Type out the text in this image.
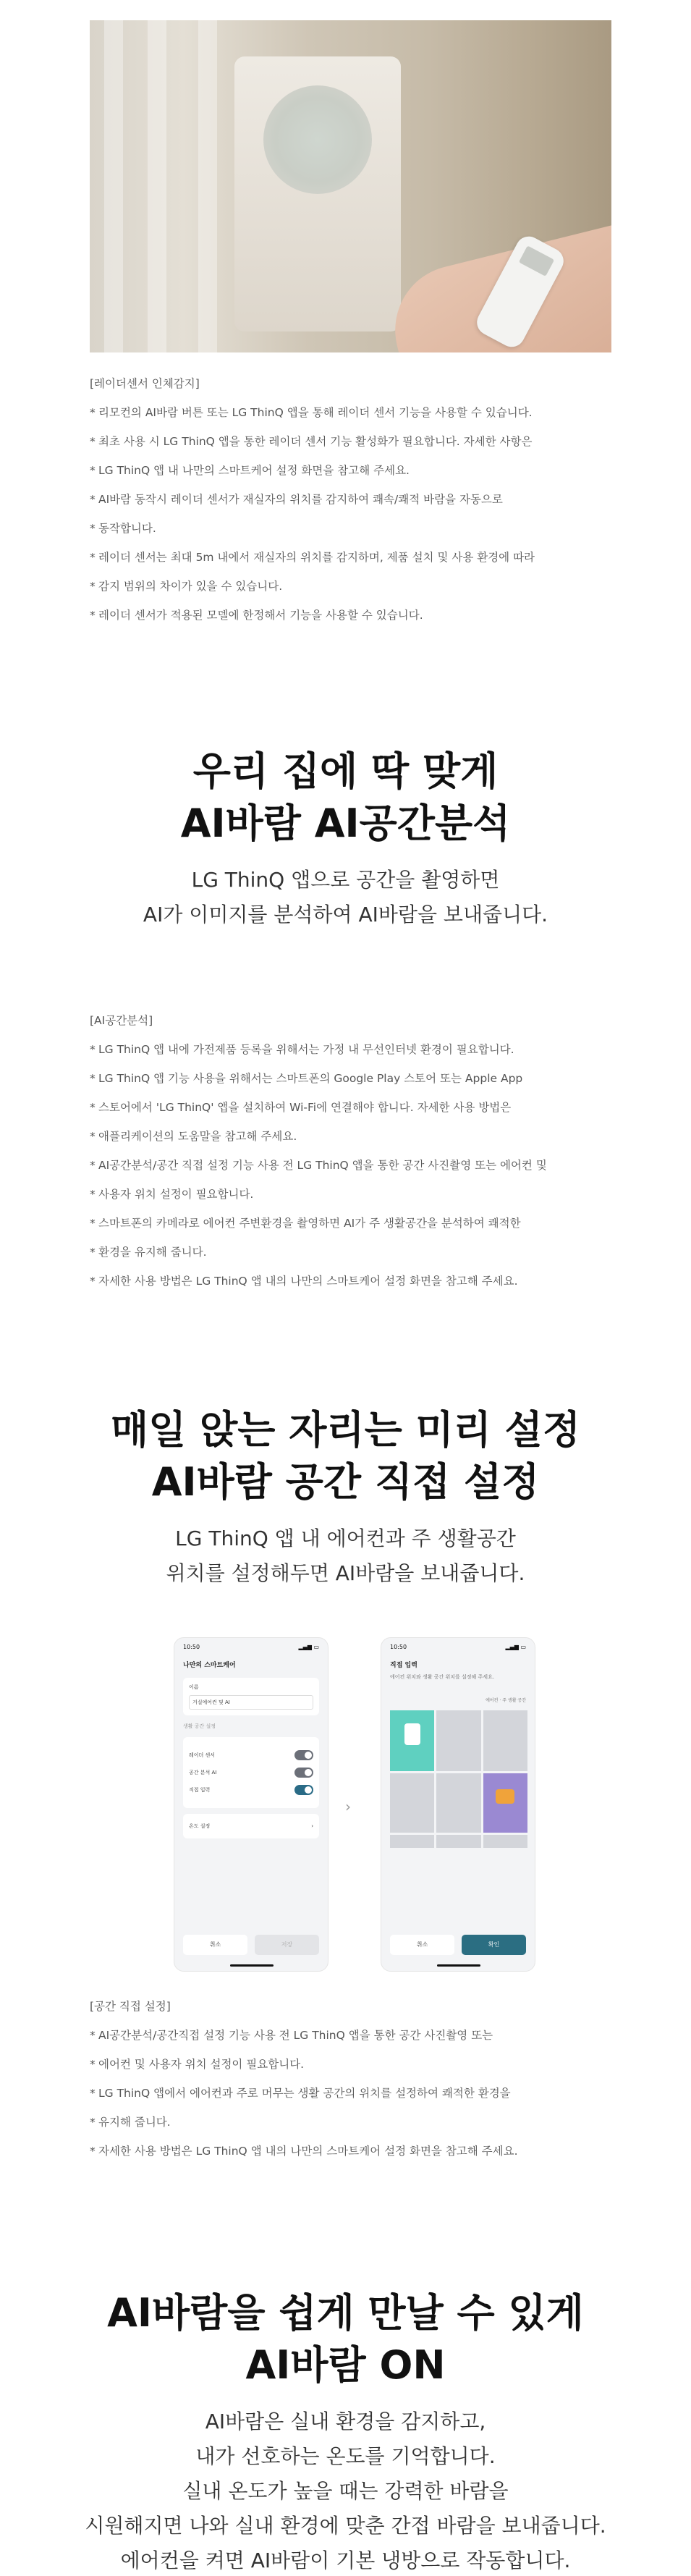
[레이더센서 인체감지]
* 리모컨의 AI바람 버튼 또는 LG ThinQ 앱을 통해 레이더 센서 기능을 사용할 수 있습니다.
* 최초 사용 시 LG ThinQ 앱을 통한 레이더 센서 기능 활성화가 필요합니다. 자세한 사항은
* LG ThinQ 앱 내 나만의 스마트케어 설정 화면을 참고해 주세요.
* AI바람 동작시 레이더 센서가 재실자의 위치를 감지하여 쾌속/쾌적 바람을 자동으로
* 동작합니다.
* 레이더 센서는 최대 5m 내에서 재실자의 위치를 감지하며, 제품 설치 및 사용 환경에 따라
* 감지 범위의 차이가 있을 수 있습니다.
* 레이더 센서가 적용된 모델에 한정해서 기능을 사용할 수 있습니다.
우리 집에 딱 맞게
AI바람 AI공간분석
LG ThinQ 앱으로 공간을 촬영하면
AI가 이미지를 분석하여 AI바람을 보내줍니다.
[AI공간분석]
* LG ThinQ 앱 내에 가전제품 등록을 위해서는 가정 내 무선인터넷 환경이 필요합니다.
* LG ThinQ 앱 기능 사용을 위해서는 스마트폰의 Google Play 스토어 또는 Apple App
* 스토어에서 'LG ThinQ' 앱을 설치하여 Wi-Fi에 연결해야 합니다. 자세한 사용 방법은
* 애플리케이션의 도움말을 참고해 주세요.
* AI공간분석/공간 직접 설정 기능 사용 전 LG ThinQ 앱을 통한 공간 사진촬영 또는 에어컨 및
* 사용자 위치 설정이 필요합니다.
* 스마트폰의 카메라로 에어컨 주변환경을 촬영하면 AI가 주 생활공간을 분석하여 쾌적한
* 환경을 유지해 줍니다.
* 자세한 사용 방법은 LG ThinQ 앱 내의 나만의 스마트케어 설정 화면을 참고해 주세요.
매일 앉는 자리는 미리 설정
AI바람 공간 직접 설정
LG ThinQ 앱 내 에어컨과 주 생활공간
위치를 설정해두면 AI바람을 보내줍니다.
10:50	▂▄▆ ▭
나만의 스마트케어
이름
거실에어컨 및 AI
생활 공간 설정
레이더 센서
공간 분석 AI
직접 입력
온도 설정	›
취소	저장
›
10:50	▂▄▆ ▭
직접 입력
에어컨 위치와 생활 공간 위치를 설정해 주세요.
에어컨 · 주 생활 공간
취소	확인
[공간 직접 설정]
* AI공간분석/공간직접 설정 기능 사용 전 LG ThinQ 앱을 통한 공간 사진촬영 또는
* 에어컨 및 사용자 위치 설정이 필요합니다.
* LG ThinQ 앱에서 에어컨과 주로 머무는 생활 공간의 위치를 설정하여 쾌적한 환경을
* 유지해 줍니다.
* 자세한 사용 방법은 LG ThinQ 앱 내의 나만의 스마트케어 설정 화면을 참고해 주세요.
AI바람을 쉽게 만날 수 있게
AI바람 ON
AI바람은 실내 환경을 감지하고,
내가 선호하는 온도를 기억합니다.
실내 온도가 높을 때는 강력한 바람을
시원해지면 나와 실내 환경에 맞춘 간접 바람을 보내줍니다.
에어컨을 켜면 AI바람이 기본 냉방으로 작동합니다.
